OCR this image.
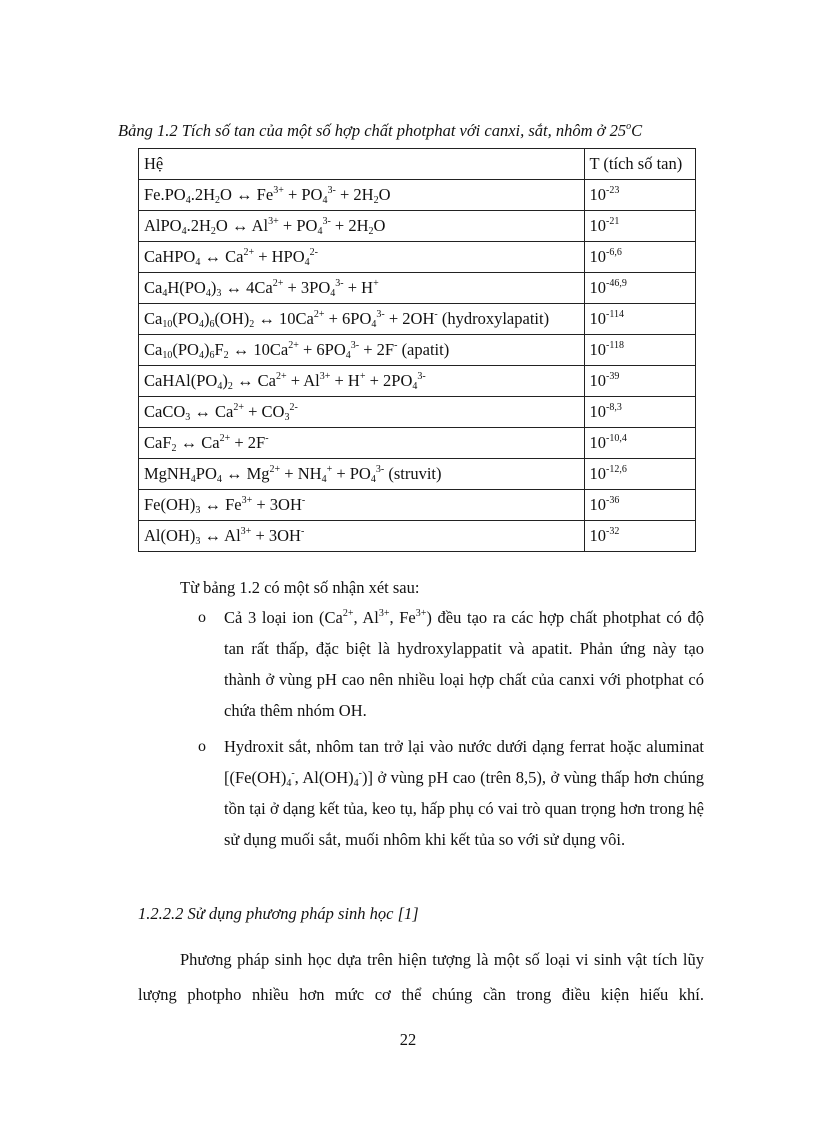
Bảng 1.2 Tích số tan của một số hợp chất photphat với canxi, sắt, nhôm ở 25$^o$C
Hệ	T (tích số tan)
$Fe.PO_4.2H_2O$ ↔ $Fe^{3+} + PO_4^{3-} + 2H_2O$	$10^{-23}$
$AlPO_4.2H_2O$ ↔ $Al^{3+} + PO_4^{3-} + 2H_2O$	$10^{-21}$
CaHPO$_4$ ↔ $Ca^{2+} + HPO_4^{2-}$	$10^{-6,6}$
$Ca_4H(PO_4)_3$ ↔ $4Ca^{2+} + 3PO_4^{3-} + H^+$	$10^{-46,9}$
$Ca_{10}(PO_4)_6(OH)_2$ ↔ $10Ca^{2+} + 6PO_4^{3-} + 2OH^-$ (hydroxylapatit)	$10^{-114}$
$Ca_{10}(PO_4)_6F_2$ ↔ $10Ca^{2+} + 6PO_4^{3-} + 2F^-$ (apatit)	$10^{-118}$
$CaHAl(PO_4)_2$ ↔ $Ca^{2+} + Al^{3+} + H^+ + 2PO_4^{3-}$	$10^{-39}$
CaCO$_3$ ↔ $Ca^{2+} + CO_3^{2-}$	$10^{-8,3}$
CaF$_2$ ↔ $Ca^{2+} + 2F^-$	$10^{-10,4}$
$MgNH_4PO_4$ ↔ $Mg^{2+} + NH_4^+ + PO_4^{3-}$ (struvit)	$10^{-12,6}$
$Fe(OH)_3$ ↔ $Fe^{3+} + 3OH^-$	$10^{-36}$
$Al(OH)_3$ ↔ $Al^{3+} + 3OH^-$	$10^{-32}$
Từ bảng 1.2 có một số nhận xét sau:
o Cả 3 loại ion ($Ca^{2+}$, $Al^{3+}$, $Fe^{3+}$) đều tạo ra các hợp chất photphat có độ tan rất thấp, đặc biệt là hydroxylappatit và apatit. Phản ứng này tạo thành ở vùng pH cao nên nhiều loại hợp chất của canxi với photphat có chứa thêm nhóm OH.
o Hydroxit sắt, nhôm tan trở lại vào nước dưới dạng ferrat hoặc aluminat [($Fe(OH)_4^-$, $Al(OH)_4^-$)] ở vùng pH cao (trên 8,5), ở vùng thấp hơn chúng tồn tại ở dạng kết tủa, keo tụ, hấp phụ có vai trò quan trọng hơn trong hệ sử dụng muối sắt, muối nhôm khi kết tủa so với sử dụng vôi.
1.2.2.2 Sử dụng phương pháp sinh học [1]
Phương pháp sinh học dựa trên hiện tượng là một số loại vi sinh vật tích lũy lượng photpho nhiều hơn mức cơ thể chúng cần trong điều kiện hiếu khí.
22
